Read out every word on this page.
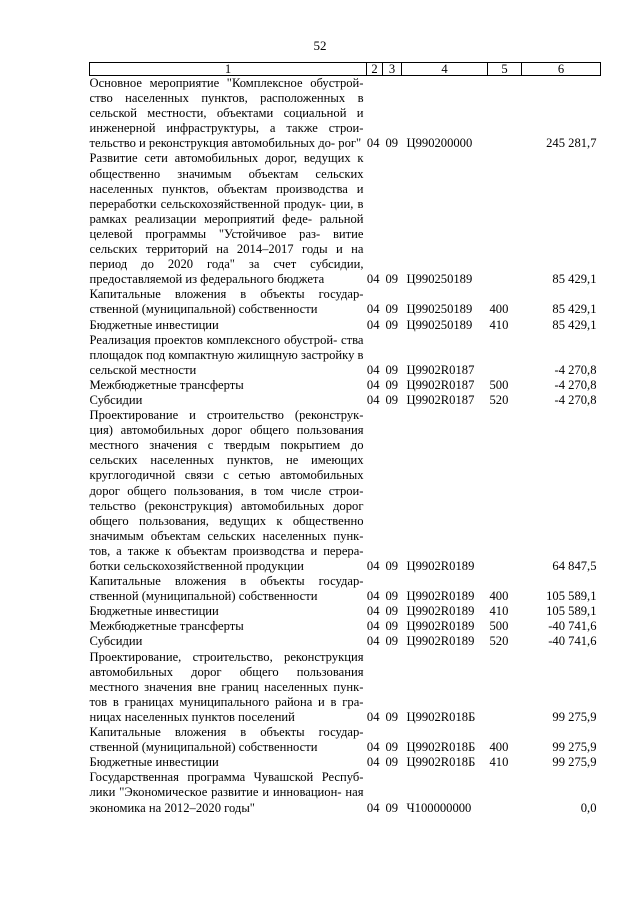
52
1	2	3	4	5	6
Основное мероприятие "Комплексное обустрой- ство населенных пунктов, расположенных в сельской местности, объектами социальной и инженерной инфраструктуры, а также строи- тельство и реконструкция автомобильных до- рог"	04	09	Ц990200000		245 281,7
Развитие сети автомобильных дорог, ведущих к общественно значимым объектам сельских населенных пунктов, объектам производства и переработки сельскохозяйственной продук- ции, в рамках реализации мероприятий феде- ральной целевой программы "Устойчивое раз- витие сельских территорий на 2014–2017 годы и на период до 2020 года" за счет субсидии, предоставляемой из федерального бюджета	04	09	Ц990250189		85 429,1
Капитальные вложения в объекты государ- ственной (муниципальной) собственности	04	09	Ц990250189	400	85 429,1
Бюджетные инвестиции	04	09	Ц990250189	410	85 429,1
Реализация проектов комплексного обустрой- ства площадок под компактную жилищную застройку в сельской местности	04	09	Ц9902R0187		-4 270,8
Межбюджетные трансферты	04	09	Ц9902R0187	500	-4 270,8
Субсидии	04	09	Ц9902R0187	520	-4 270,8
Проектирование и строительство (реконструк- ция) автомобильных дорог общего пользования местного значения с твердым покрытием до сельских населенных пунктов, не имеющих круглогодичной связи с сетью автомобильных дорог общего пользования, в том числе строи- тельство (реконструкция) автомобильных дорог общего пользования, ведущих к общественно значимым объектам сельских населенных пунк- тов, а также к объектам производства и перера- ботки сельскохозяйственной продукции	04	09	Ц9902R0189		64 847,5
Капитальные вложения в объекты государ- ственной (муниципальной) собственности	04	09	Ц9902R0189	400	105 589,1
Бюджетные инвестиции	04	09	Ц9902R0189	410	105 589,1
Межбюджетные трансферты	04	09	Ц9902R0189	500	-40 741,6
Субсидии	04	09	Ц9902R0189	520	-40 741,6
Проектирование, строительство, реконструкция автомобильных дорог общего пользования местного значения вне границ населенных пунк- тов в границах муниципального района и в гра- ницах населенных пунктов поселений	04	09	Ц9902R018Б		99 275,9
Капитальные вложения в объекты государ- ственной (муниципальной) собственности	04	09	Ц9902R018Б	400	99 275,9
Бюджетные инвестиции	04	09	Ц9902R018Б	410	99 275,9
Государственная программа Чувашской Респуб- лики "Экономическое развитие и инновацион- ная экономика на 2012–2020 годы"	04	09	Ч100000000		0,0
